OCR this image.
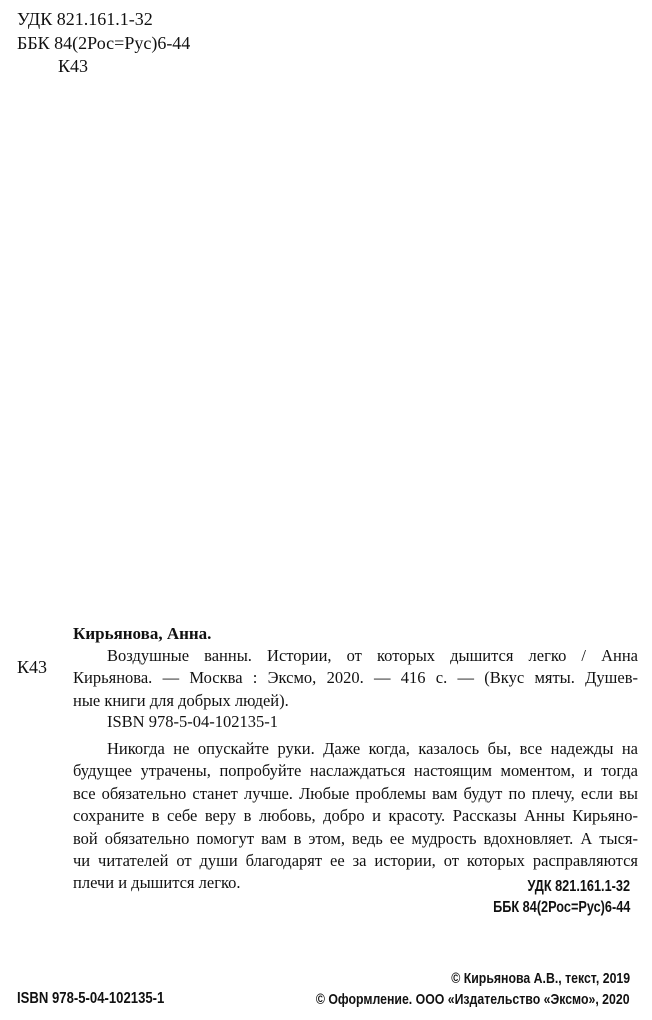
УДК 821.161.1-32
ББК 84(2Рос=Рус)6-44
К43
К43
Кирьянова, Анна.
Воздушные ванны. Истории, от которых дышится легко / Анна
Кирьянова. — Москва : Эксмо, 2020. — 416 с. — (Вкус мяты. Душев-
ные книги для добрых людей).
ISBN 978-5-04-102135-1
Никогда не опускайте руки. Даже когда, казалось бы, все надежды на
будущее утрачены, попробуйте наслаждаться настоящим моментом, и тогда
все обязательно станет лучше. Любые проблемы вам будут по плечу, если вы
сохраните в себе веру в любовь, добро и красоту. Рассказы Анны Кирьяно-
вой обязательно помогут вам в этом, ведь ее мудрость вдохновляет. А тыся-
чи читателей от души благодарят ее за истории, от которых расправляются
плечи и дышится легко.	УДК 821.161.1-32
ББК 84(2Рос=Рус)6-44
© Кирьянова А.В., текст, 2019
ISBN 978-5-04-102135-1	© Оформление. ООО «Издательство «Эксмо», 2020
